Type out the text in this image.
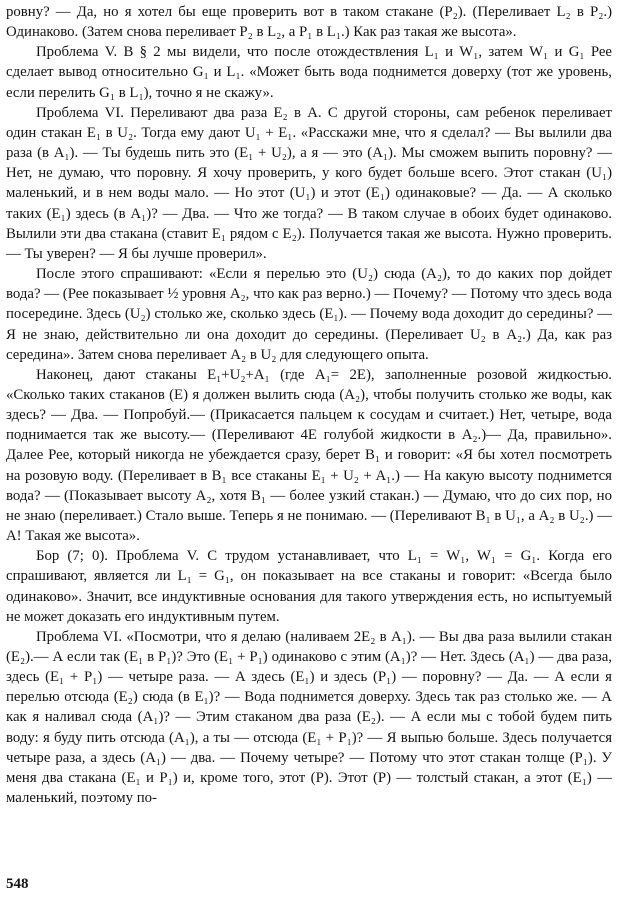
ровну? — Да, но я хотел бы еще проверить вот в таком стакане (P₂). (Переливает L₂ в P₂.) Одинаково. (Затем снова переливает P₂ в L₂, а P₁ в L₁.) Как раз такая же высота».

Проблема V. В § 2 мы видели, что после отождествления L₁ и W₁, затем W₁ и G₁ Рее сделает вывод относительно G₁ и L₁. «Может быть вода поднимется доверху (тот же уровень, если перелить G₁ в L₁), точно я не скажу».

Проблема VI. Переливают два раза E₂ в A. С другой стороны, сам ребенок переливает один стакан E₁ в U₂. Тогда ему дают U₁ + E₁. «Расскажи мне, что я сделал? — Вы вылили два раза (в A₁). — Ты будешь пить это (E₁ + U₂), а я — это (A₁). Мы сможем выпить поровну? — Нет, не думаю, что поровну. Я хочу проверить, у кого будет больше всего. Этот стакан (U₁) маленький, и в нем воды мало. — Но этот (U₁) и этот (E₁) одинаковые? — Да. — А сколько таких (E₁) здесь (в A₁)? — Два. — Что же тогда? — В таком случае в обоих будет одинаково. Вылили эти два стакана (ставит E₁ рядом с E₂). Получается такая же высота. Нужно проверить.— Ты уверен? — Я бы лучше проверил».

После этого спрашивают: «Если я перелью это (U₂) сюда (A₂), то до каких пор дойдет вода? — (Рее показывает ½ уровня A₂, что как раз верно.) — Почему? — Потому что здесь вода посередине. Здесь (U₂) столько же, сколько здесь (E₁). — Почему вода доходит до середины? — Я не знаю, действительно ли она доходит до середины. (Переливает U₂ в A₂.) Да, как раз середина». Затем снова переливает A₂ в U₂ для следующего опыта.

Наконец, дают стаканы E₁+U₂+A₁ (где A₁= 2E), заполненные розовой жидкостью. «Сколько таких стаканов (E) я должен вылить сюда (A₂), чтобы получить столько же воды, как здесь? — Два. — Попробуй.— (Прикасается пальцем к сосудам и считает.) Нет, четыре, вода поднимается так же высоту.— (Переливают 4E голубой жидкости в A₂.)— Да, правильно». Далее Рее, который никогда не убеждается сразу, берет B₁ и говорит: «Я бы хотел посмотреть на розовую воду. (Переливает в B₁ все стаканы E₁ + U₂ + A₁.) — На какую высоту поднимется вода? — (Показывает высоту A₂, хотя B₁ — более узкий стакан.) — Думаю, что до сих пор, но не знаю (переливает.) Стало выше. Теперь я не понимаю. — (Переливают B₁ в U₁, а A₂ в U₂.) — А! Такая же высота».

Бор (7; 0). Проблема V. С трудом устанавливает, что L₁ = W₁, W₁ = G₁. Когда его спрашивают, является ли L₁ = G₁, он показывает на все стаканы и говорит: «Всегда было одинаково». Значит, все индуктивные основания для такого утверждения есть, но испытуемый не может доказать его индуктивным путем.

Проблема VI. «Посмотри, что я делаю (наливаем 2E₂ в A₁). — Вы два раза вылили стакан (E₂).— А если так (E₁ в P₁)? Это (E₁ + P₁) одинаково с этим (A₁)? — Нет. Здесь (A₁) — два раза, здесь (E₁ + P₁) — четыре раза. — А здесь (E₁) и здесь (P₁) — поровну? — Да. — А если я перелью отсюда (E₂) сюда (в E₁)? — Вода поднимется доверху. Здесь так раз столько же. — А как я наливал сюда (A₁)? — Этим стаканом два раза (E₂). — А если мы с тобой будем пить воду: я буду пить отсюда (A₁), а ты — отсюда (E₁ + P₁)? — Я выпью больше. Здесь получается четыре раза, а здесь (A₁) — два. — Почему четыре? — Потому что этот стакан толще (P₁). У меня два стакана (E₁ и P₁) и, кроме того, этот (P). Этот (P) — толстый стакан, а этот (E₁) — маленький, поэтому по-

548
